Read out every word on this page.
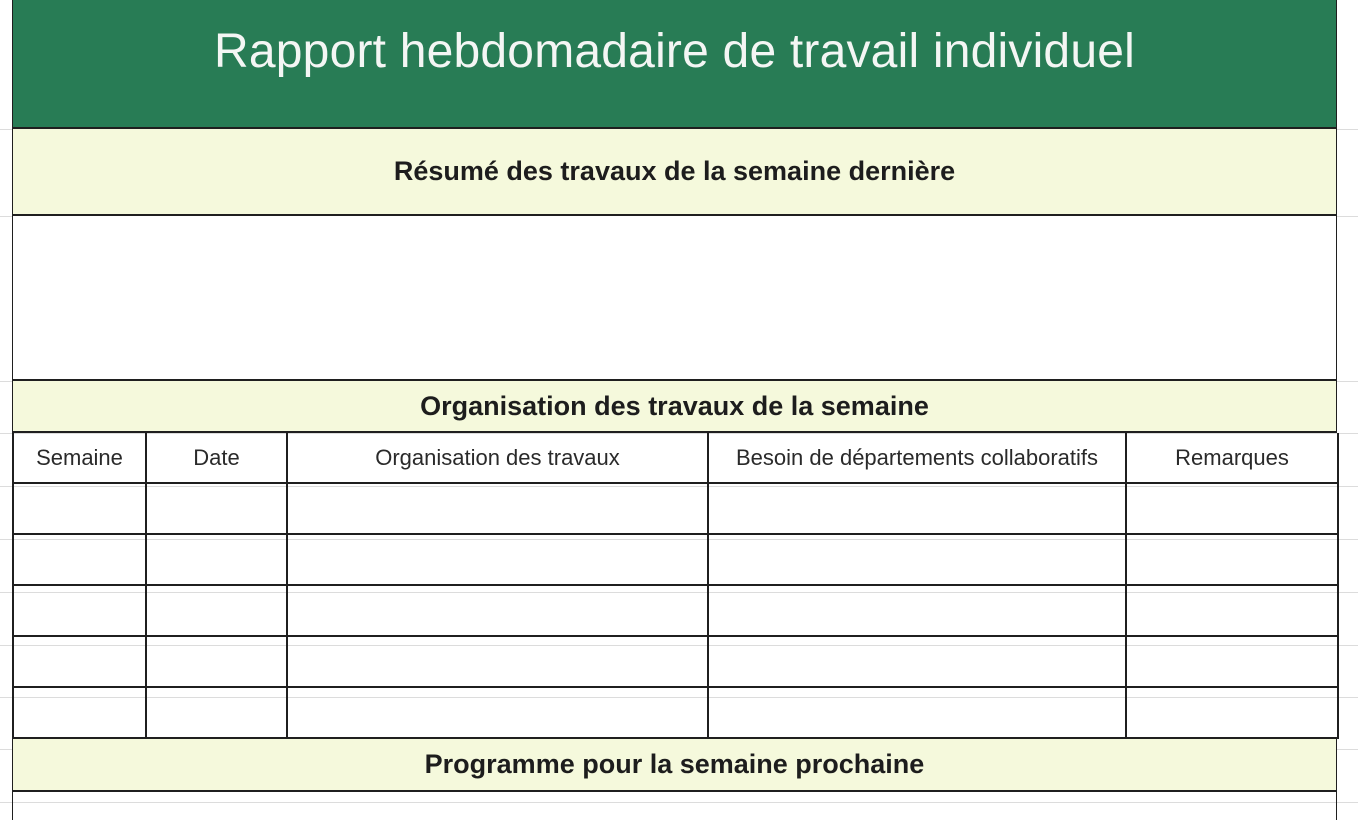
Rapport hebdomadaire de travail individuel
Résumé des travaux de la semaine dernière
Organisation des travaux de la semaine
Semaine	Date	Organisation des travaux	Besoin de départements collaboratifs	Remarques

Programme pour la semaine prochaine
